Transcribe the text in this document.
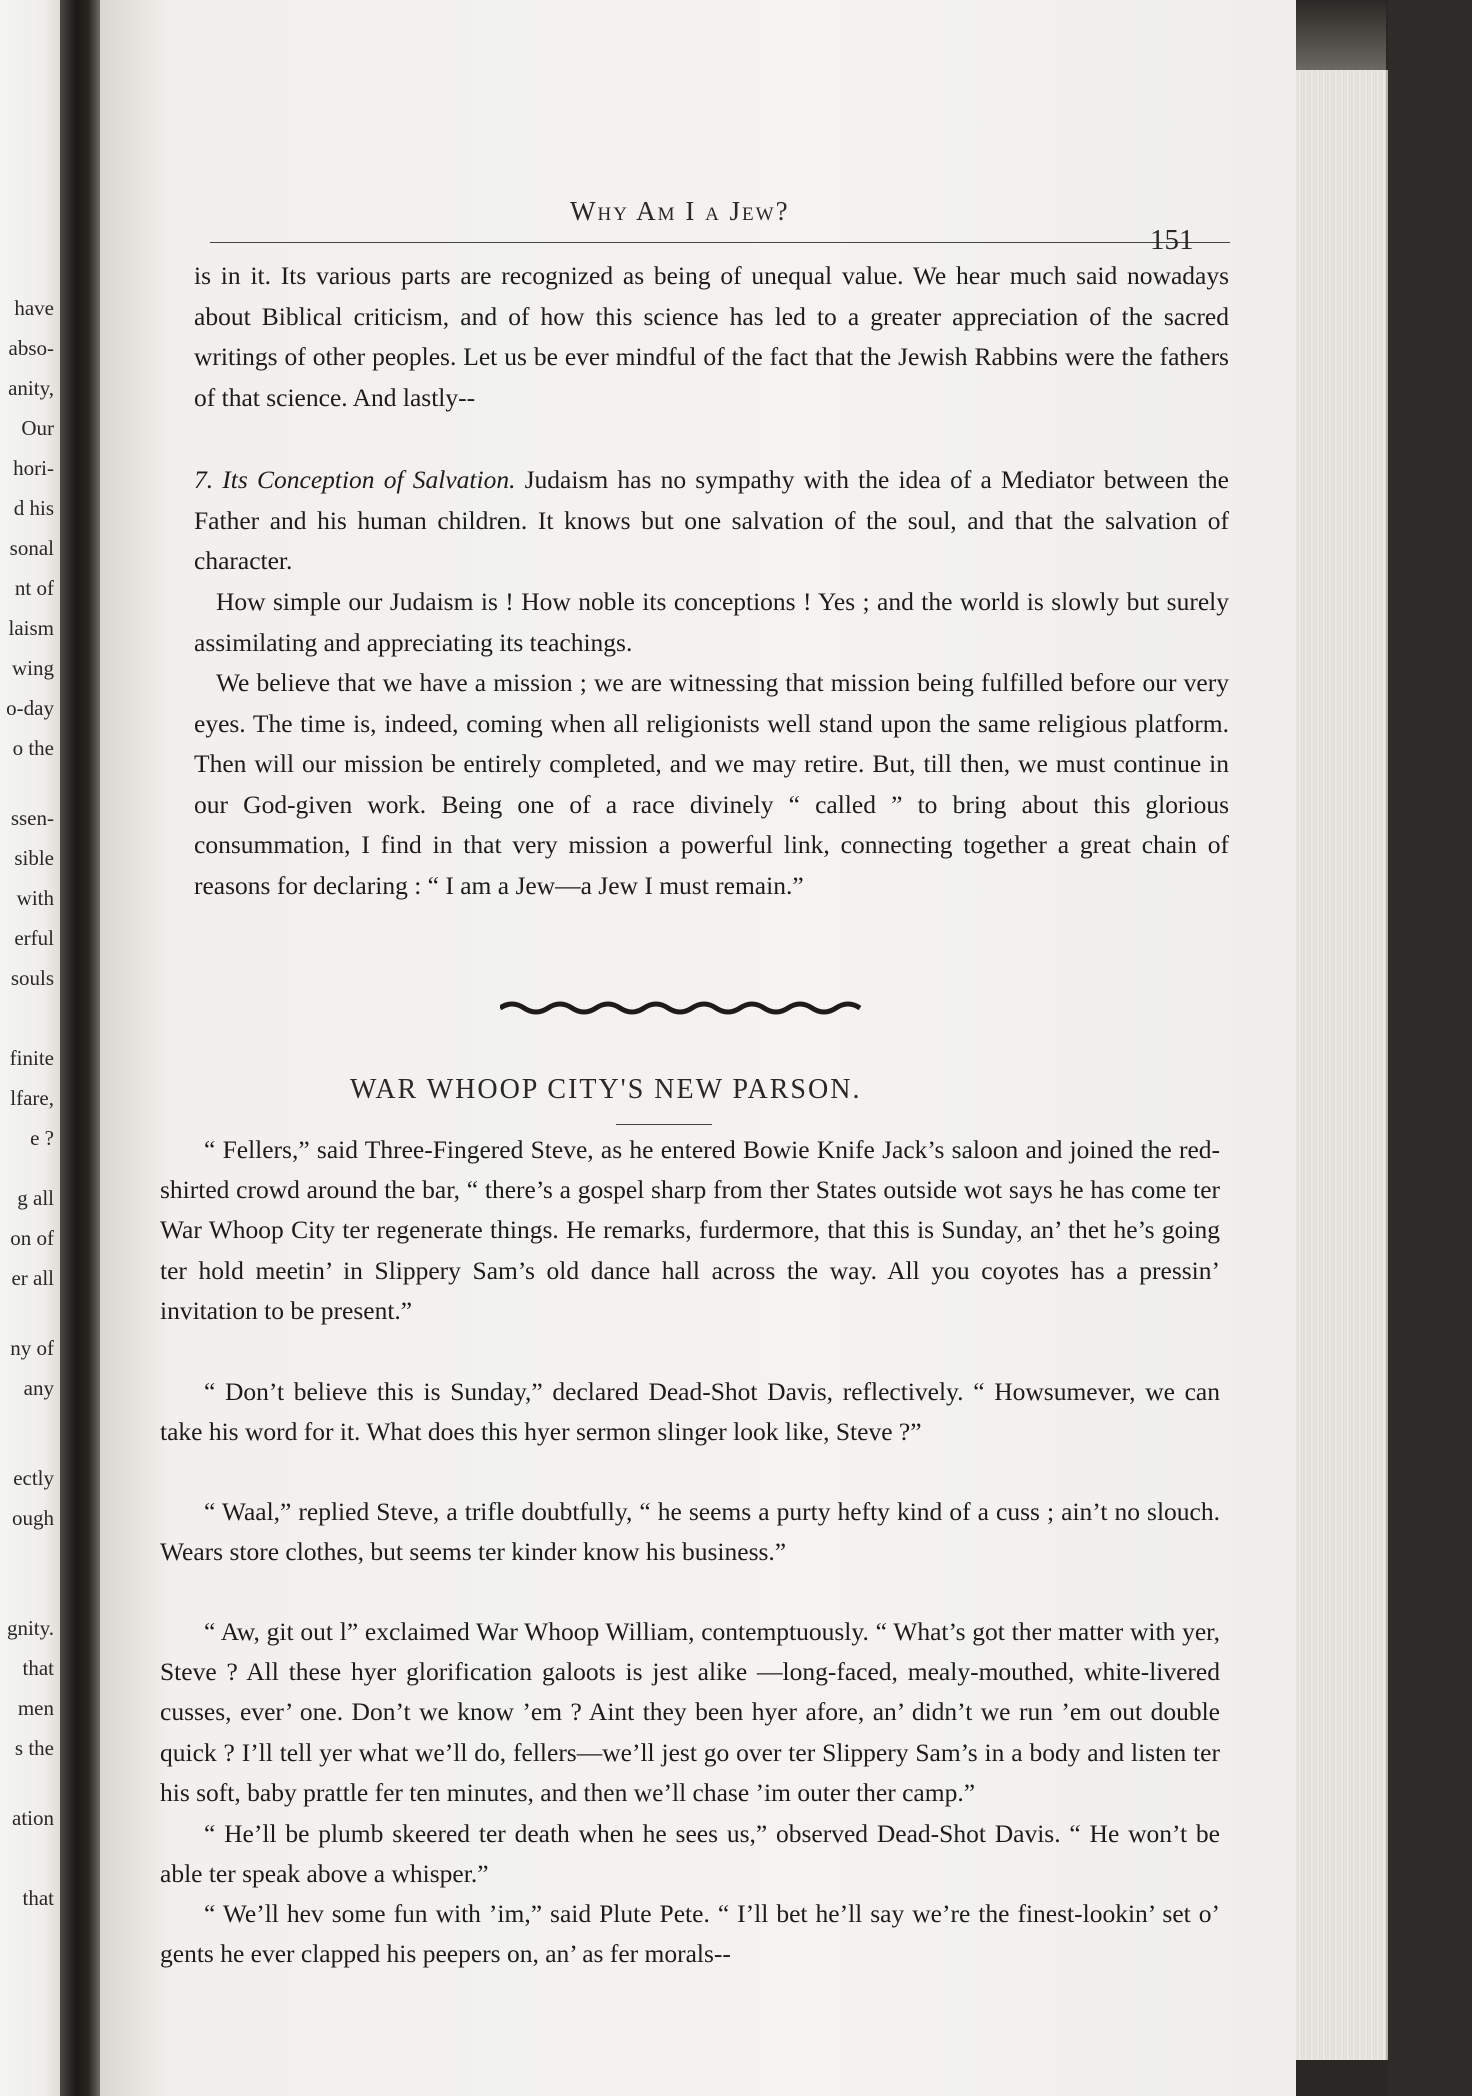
have
abso-
anity,
Our
hori-
d his
sonal
nt of
laism
wing
o-day
o the
ssen-
sible
with
erful
souls
finite
lfare,
e ?
g all
on of
er all
ny of
any
ectly
ough
gnity.
that
men
s the
ation
that
Why Am I a Jew?
151

is in it. Its various parts are recognized as being of unequal value. We hear much said nowadays about Biblical criticism, and of how this science has led to a greater appreciation of the sacred writings of other peoples. Let us be ever mindful of the fact that the Jewish Rabbins were the fathers of that science. And lastly--

7. Its Conception of Salvation. Judaism has no sympathy with the idea of a Mediator between the Father and his human children. It knows but one salvation of the soul, and that the salvation of character.

How simple our Judaism is ! How noble its conceptions ! Yes ; and the world is slowly but surely assimilating and appreciating its teachings.

We believe that we have a mission ; we are witnessing that mission being fulfilled before our very eyes. The time is, indeed, coming when all religionists well stand upon the same religious platform. Then will our mission be entirely completed, and we may retire. But, till then, we must continue in our God-given work. Being one of a race divinely “ called ” to bring about this glorious consummation, I find in that very mission a powerful link, connecting together a great chain of reasons for declaring : “ I am a Jew—a Jew I must remain.”

WAR WHOOP CITY'S NEW PARSON.

“ Fellers,” said Three-Fingered Steve, as he entered Bowie Knife Jack’s saloon and joined the red-shirted crowd around the bar, “ there’s a gospel sharp from ther States outside wot says he has come ter War Whoop City ter regenerate things. He remarks, furdermore, that this is Sunday, an’ thet he’s going ter hold meetin’ in Slippery Sam’s old dance hall across the way. All you coyotes has a pressin’ invitation to be present.”

“ Don’t believe this is Sunday,” declared Dead-Shot Davis, reflectively. “ Howsumever, we can take his word for it. What does this hyer sermon slinger look like, Steve ?”

“ Waal,” replied Steve, a trifle doubtfully, “ he seems a purty hefty kind of a cuss ; ain’t no slouch. Wears store clothes, but seems ter kinder know his business.”

“ Aw, git out l” exclaimed War Whoop William, contemptuously. “ What’s got ther matter with yer, Steve ? All these hyer glorification galoots is jest alike —long-faced, mealy-mouthed, white-livered cusses, ever’ one. Don’t we know ’em ? Aint they been hyer afore, an’ didn’t we run ’em out double quick ? I’ll tell yer what we’ll do, fellers—we’ll jest go over ter Slippery Sam’s in a body and listen ter his soft, baby prattle fer ten minutes, and then we’ll chase ’im outer ther camp.”

“ He’ll be plumb skeered ter death when he sees us,” observed Dead-Shot Davis. “ He won’t be able ter speak above a whisper.”

“ We’ll hev some fun with ’im,” said Plute Pete. “ I’ll bet he’ll say we’re the finest-lookin’ set o’ gents he ever clapped his peepers on, an’ as fer morals--
